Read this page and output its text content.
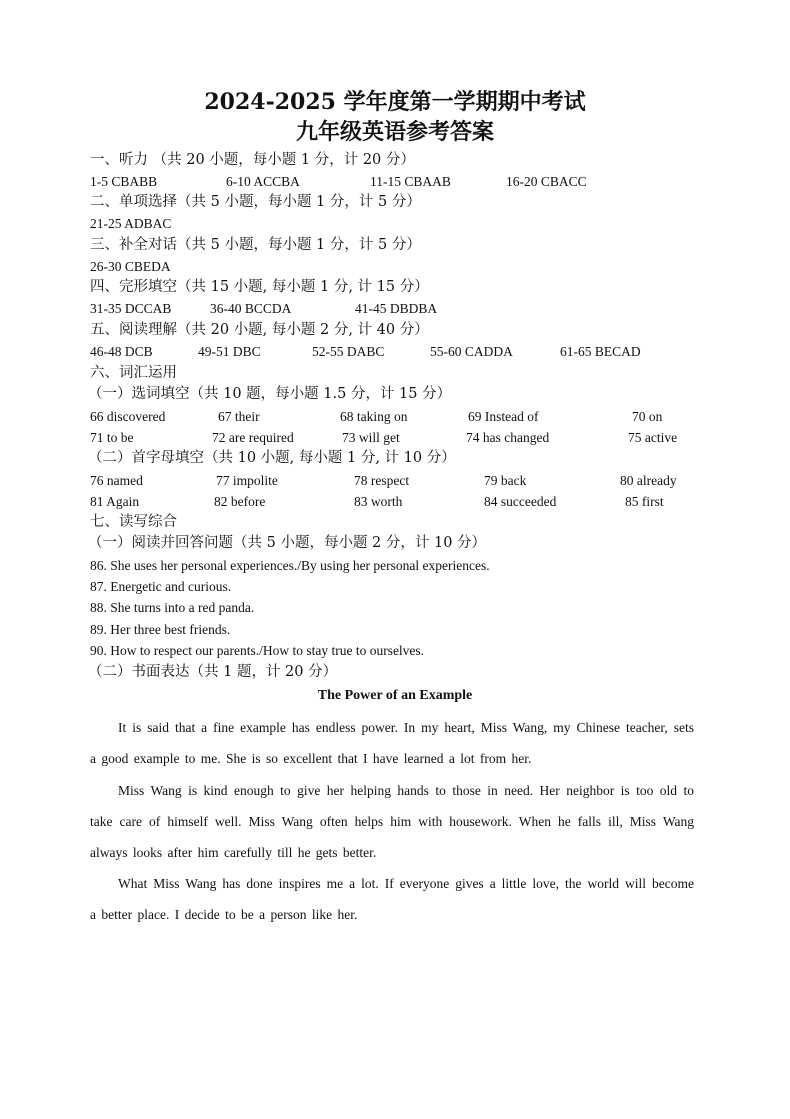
2024-2025 学年度第一学期期中考试
九年级英语参考答案
一、听力 （共 20 小题，每小题 1 分，计 20 分）
1-5 CBABB	6-10 ACCBA	11-15 CBAAB	16-20 CBACC
二、单项选择（共 5 小题，每小题 1 分，计 5 分）
21-25 ADBAC
三、补全对话（共 5 小题，每小题 1 分，计 5 分）
26-30 CBEDA
四、完形填空（共 15 小题, 每小题 1 分, 计 15 分）
31-35 DCCAB	36-40 BCCDA	41-45 DBDBA
五、阅读理解（共 20 小题, 每小题 2 分, 计 40 分）
46-48 DCB	49-51 DBC	52-55 DABC	55-60 CADDA	61-65 BECAD
六、词汇运用
（一）选词填空（共 10 题，每小题 1.5 分，计 15 分）
66 discovered	67 their	68 taking on	69 Instead of	70 on
71 to be	72 are required	73 will get	74 has changed	75 active
（二）首字母填空（共 10 小题, 每小题 1 分, 计 10 分）
76 named	77 impolite	78 respect	79 back	80 already
81 Again	82 before	83 worth	84 succeeded	85 first
七、读写综合
（一）阅读并回答问题（共 5 小题，每小题 2 分，计 10 分）
86. She uses her personal experiences./By using her personal experiences.
87. Energetic and curious.
88. She turns into a red panda.
89. Her three best friends.
90. How to respect our parents./How to stay true to ourselves.
（二）书面表达（共 1 题，计 20 分）
The Power of an Example

It is said that a fine example has endless power. In my heart, Miss Wang, my Chinese teacher, sets a good example to me. She is so excellent that I have learned a lot from her.

Miss Wang is kind enough to give her helping hands to those in need. Her neighbor is too old to take care of himself well. Miss Wang often helps him with housework. When he falls ill, Miss Wang always looks after him carefully till he gets better.

What Miss Wang has done inspires me a lot. If everyone gives a little love, the world will become a better place. I decide to be a person like her.
